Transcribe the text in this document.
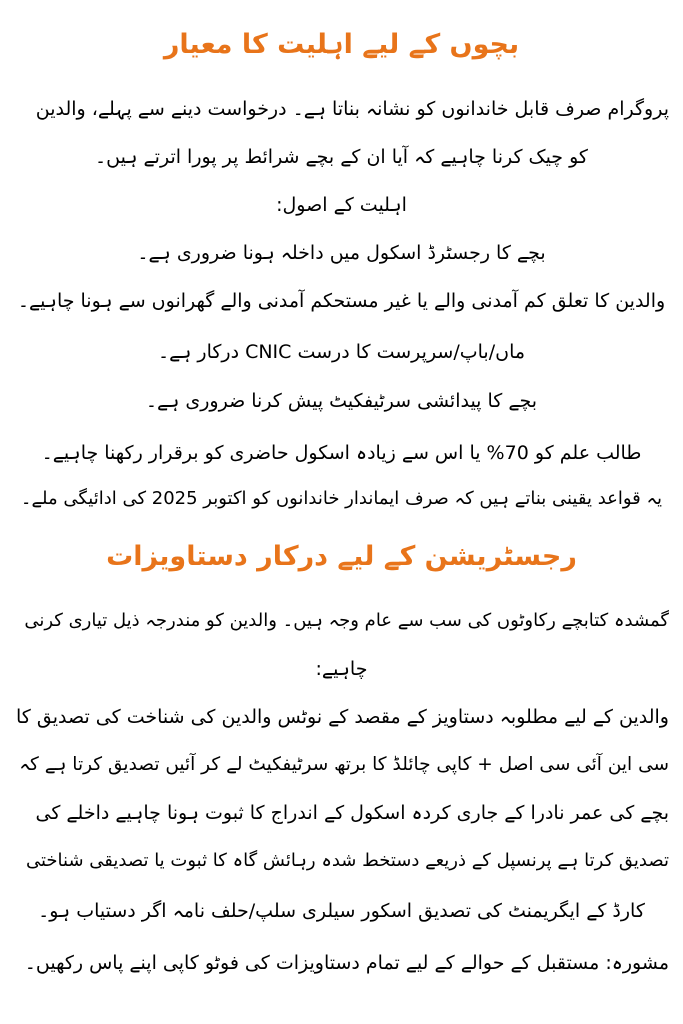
بچوں کے لیے اہلیت کا معیار
پروگرام صرف قابل خاندانوں کو نشانہ بناتا ہے۔ درخواست دینے سے پہلے، والدین
کو چیک کرنا چاہیے کہ آیا ان کے بچے شرائط پر پورا اترتے ہیں۔
اہلیت کے اصول:
بچے کا رجسٹرڈ اسکول میں داخلہ ہونا ضروری ہے۔
والدین کا تعلق کم آمدنی والے یا غیر مستحکم آمدنی والے گھرانوں سے ہونا چاہیے۔
ماں/باپ/سرپرست کا درست CNIC درکار ہے۔
بچے کا پیدائشی سرٹیفکیٹ پیش کرنا ضروری ہے۔
طالب علم کو 70% یا اس سے زیادہ اسکول حاضری کو برقرار رکھنا چاہیے۔
یہ قواعد یقینی بناتے ہیں کہ صرف ایماندار خاندانوں کو اکتوبر 2025 کی ادائیگی ملے۔
رجسٹریشن کے لیے درکار دستاویزات
گمشدہ کتابچے رکاوٹوں کی سب سے عام وجہ ہیں۔ والدین کو مندرجہ ذیل تیاری کرنی
چاہیے:
والدین کے لیے مطلوبہ دستاویز کے مقصد کے نوٹس والدین کی شناخت کی تصدیق کا
سی این آئی سی اصل + کاپی چائلڈ کا برتھ سرٹیفکیٹ لے کر آئیں تصدیق کرتا ہے کہ
بچے کی عمر نادرا کے جاری کردہ اسکول کے اندراج کا ثبوت ہونا چاہیے داخلے کی
تصدیق کرتا ہے پرنسپل کے ذریعے دستخط شدہ رہائش گاہ کا ثبوت یا تصدیقی شناختی
کارڈ کے ایگریمنٹ کی تصدیق اسکور سیلری سلپ/حلف نامہ اگر دستیاب ہو۔
مشورہ: مستقبل کے حوالے کے لیے تمام دستاویزات کی فوٹو کاپی اپنے پاس رکھیں۔
